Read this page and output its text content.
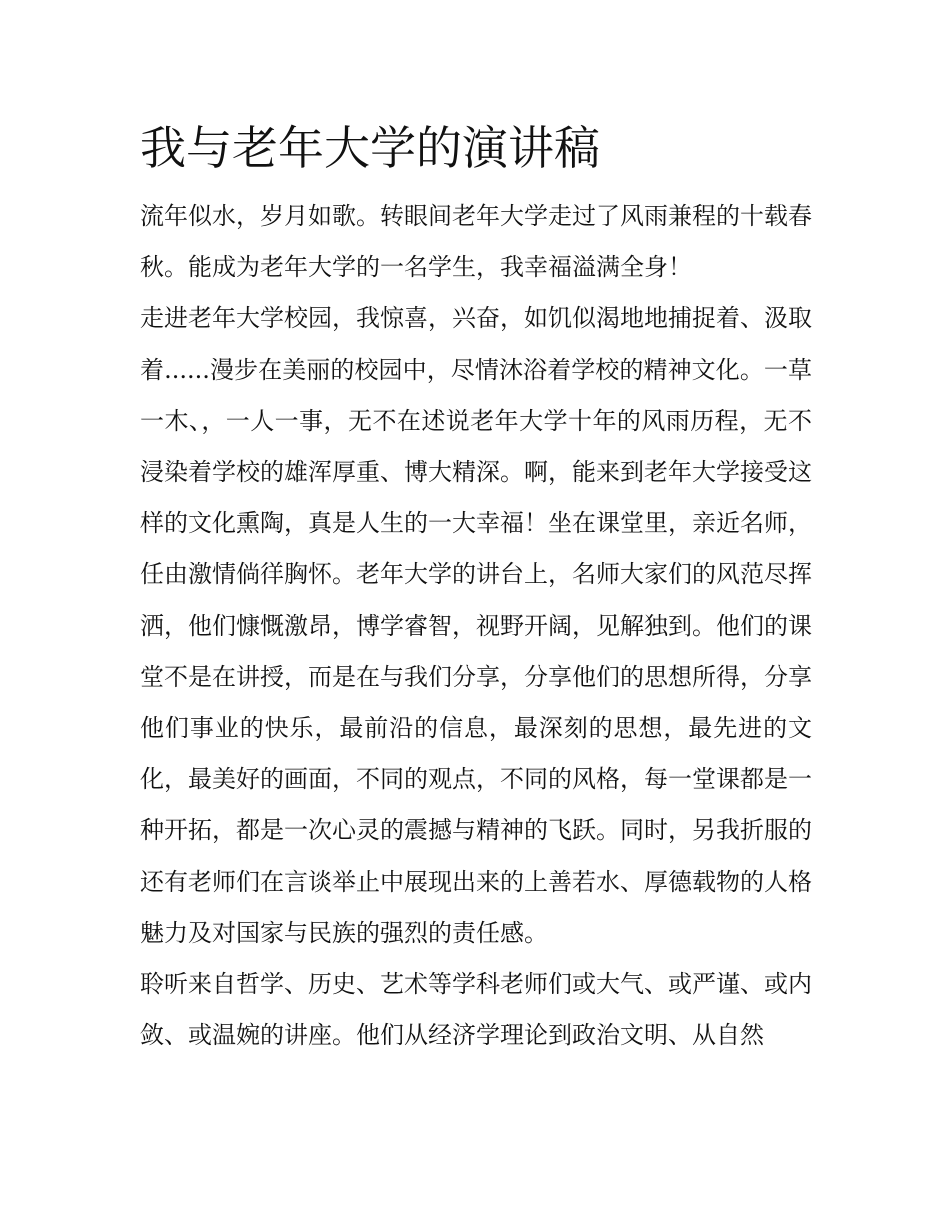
我与老年大学的演讲稿

流年似水，岁月如歌。转眼间老年大学走过了风雨兼程的十载春秋。能成为老年大学的一名学生，我幸福溢满全身！

走进老年大学校园，我惊喜，兴奋，如饥似渴地地捕捉着、汲取着......漫步在美丽的校园中，尽情沐浴着学校的精神文化。一草一木、，一人一事，无不在述说老年大学十年的风雨历程，无不浸染着学校的雄浑厚重、博大精深。啊，能来到老年大学接受这样的文化熏陶，真是人生的一大幸福！坐在课堂里，亲近名师，任由激情倘徉胸怀。老年大学的讲台上，名师大家们的风范尽挥洒，他们慷慨激昂，博学睿智，视野开阔，见解独到。他们的课堂不是在讲授，而是在与我们分享，分享他们的思想所得，分享他们事业的快乐，最前沿的信息，最深刻的思想，最先进的文化，最美好的画面，不同的观点，不同的风格，每一堂课都是一种开拓，都是一次心灵的震撼与精神的飞跃。同时，另我折服的还有老师们在言谈举止中展现出来的上善若水、厚德载物的人格魅力及对国家与民族的强烈的责任感。

聆听来自哲学、历史、艺术等学科老师们或大气、或严谨、或内敛、或温婉的讲座。他们从经济学理论到政治文明、从自然
